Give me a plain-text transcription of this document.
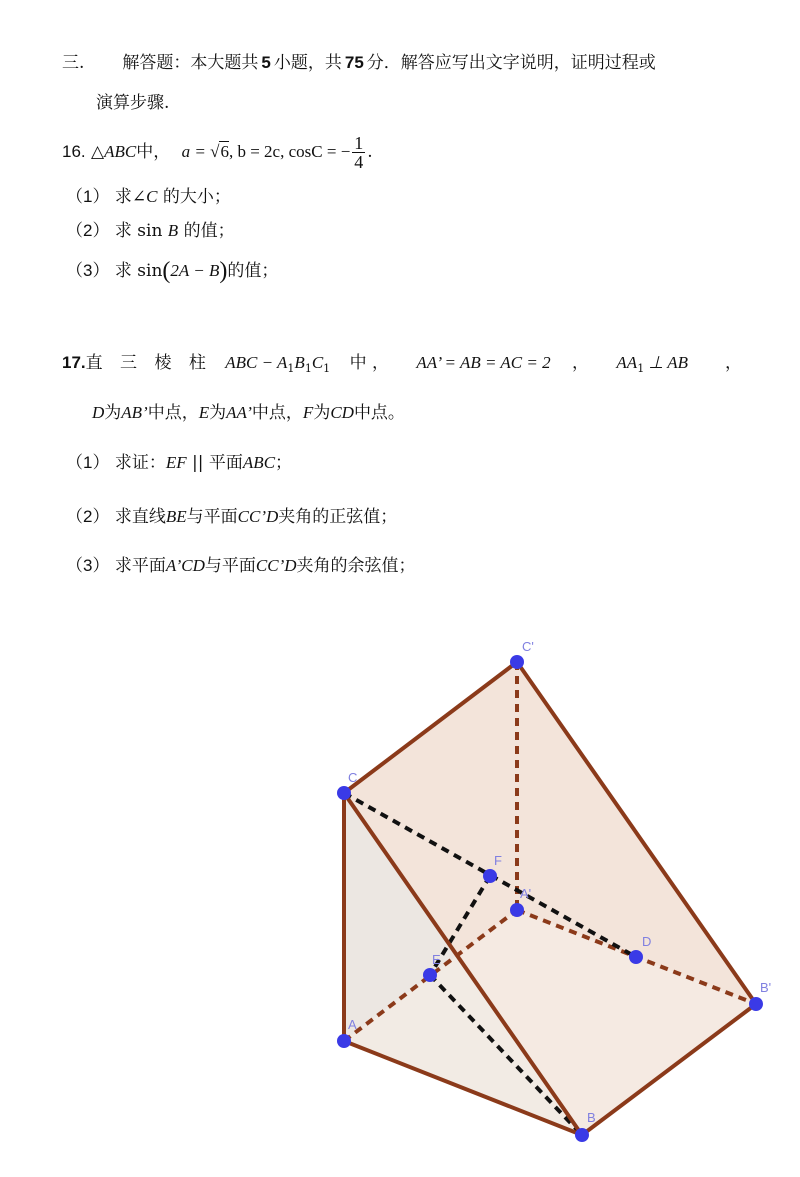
三. 解答题：本大题共 5 小题，共 75 分．解答应写出文字说明，证明过程或
演算步骤.
16. △ABC中， a = √6, b = 2c, cosC = − $\frac{1}{4}$ .
（1） 求∠C 的大小；
（2） 求 sin B 的值；
（3） 求 sin(2A − B)的值；
17.直 三 棱 柱 ABC − $A_1B_1C_1$ 中 ， AA’ = AB = AC = 2 ， $AA_1$ ⊥ AB ，
D为AB’中点，E为AA’中点，F为CD中点。
（1） 求证：EF || 平面ABC；
（2） 求直线BE与平面CC’D夹角的正弦值；
（3） 求平面A’CD与平面CC’D夹角的余弦值；
C'
C
F
A'
D
E
B'
A
B
